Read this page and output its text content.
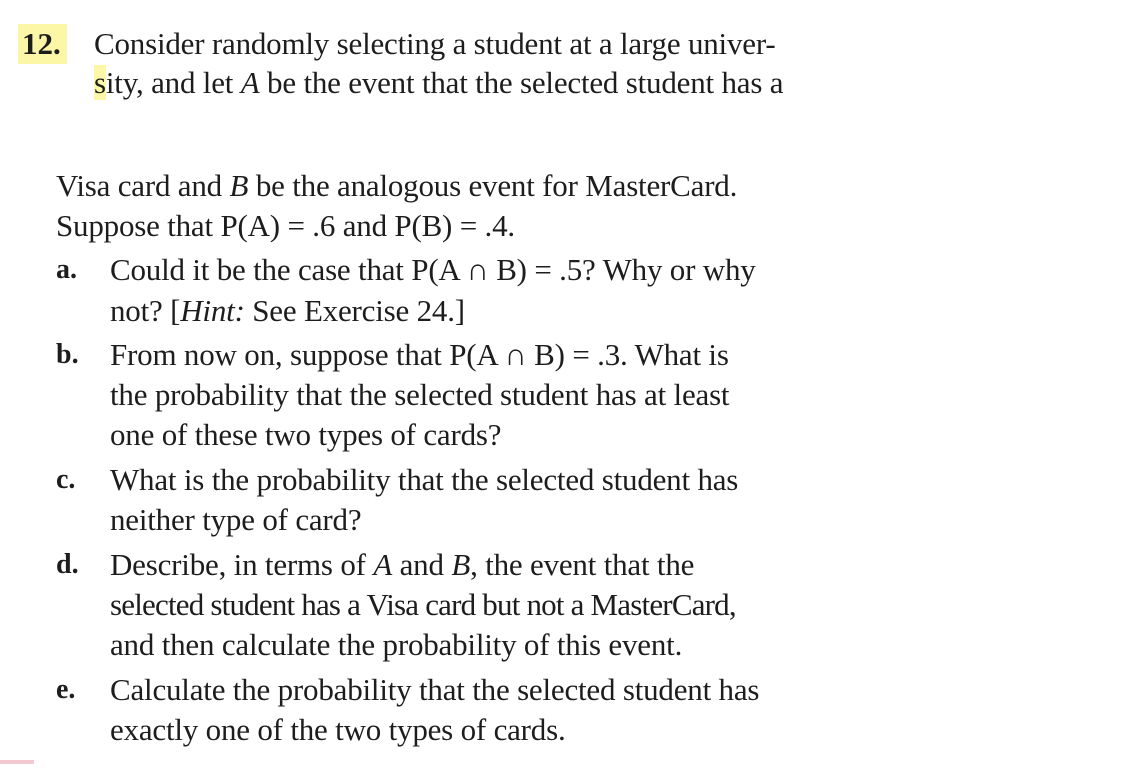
12. Consider randomly selecting a student at a large univer-
sity, and let A be the event that the selected student has a
Visa card and B be the analogous event for MasterCard.
Suppose that P(A) = .6 and P(B) = .4.
a. Could it be the case that P(A ∩ B) = .5? Why or why
not? [Hint: See Exercise 24.]
b. From now on, suppose that P(A ∩ B) = .3. What is
the probability that the selected student has at least
one of these two types of cards?
c. What is the probability that the selected student has
neither type of card?
d. Describe, in terms of A and B, the event that the
selected student has a Visa card but not a MasterCard,
and then calculate the probability of this event.
e. Calculate the probability that the selected student has
exactly one of the two types of cards.
